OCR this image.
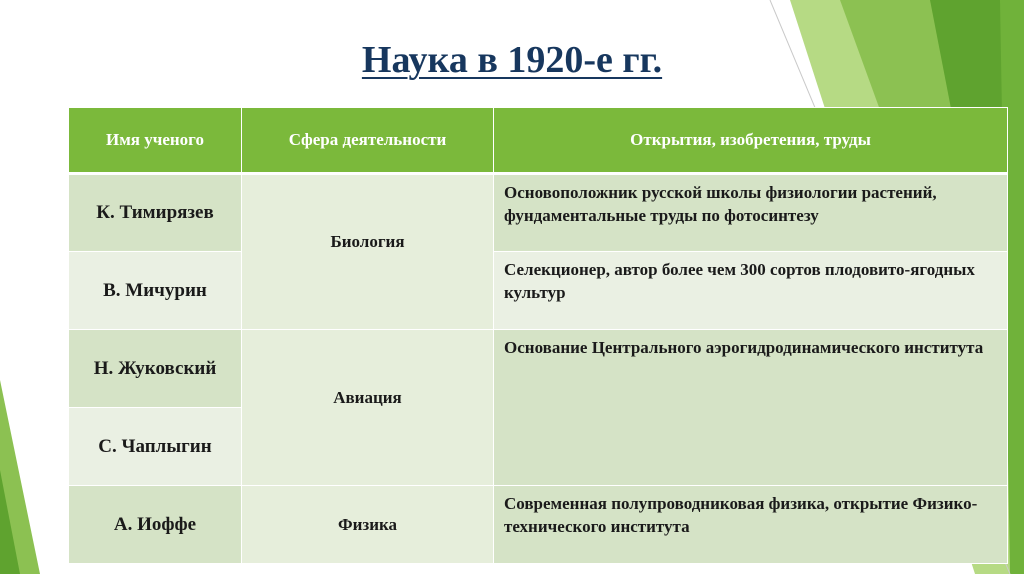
Наука в 1920-е гг.
Имя ученого	Сфера деятельности	Открытия, изобретения, труды
К. Тимирязев	Биология	Основоположник русской школы физиологии растений, фундаментальные труды по фотосинтезу
В. Мичурин		Селекционер, автор более чем 300 сортов плодовито-ягодных культур
Н. Жуковский	Авиация	Основание Центрального аэрогидродинамического института
С. Чаплыгин		
А. Иоффе	Физика	Современная полупроводниковая физика, открытие Физико-технического института
